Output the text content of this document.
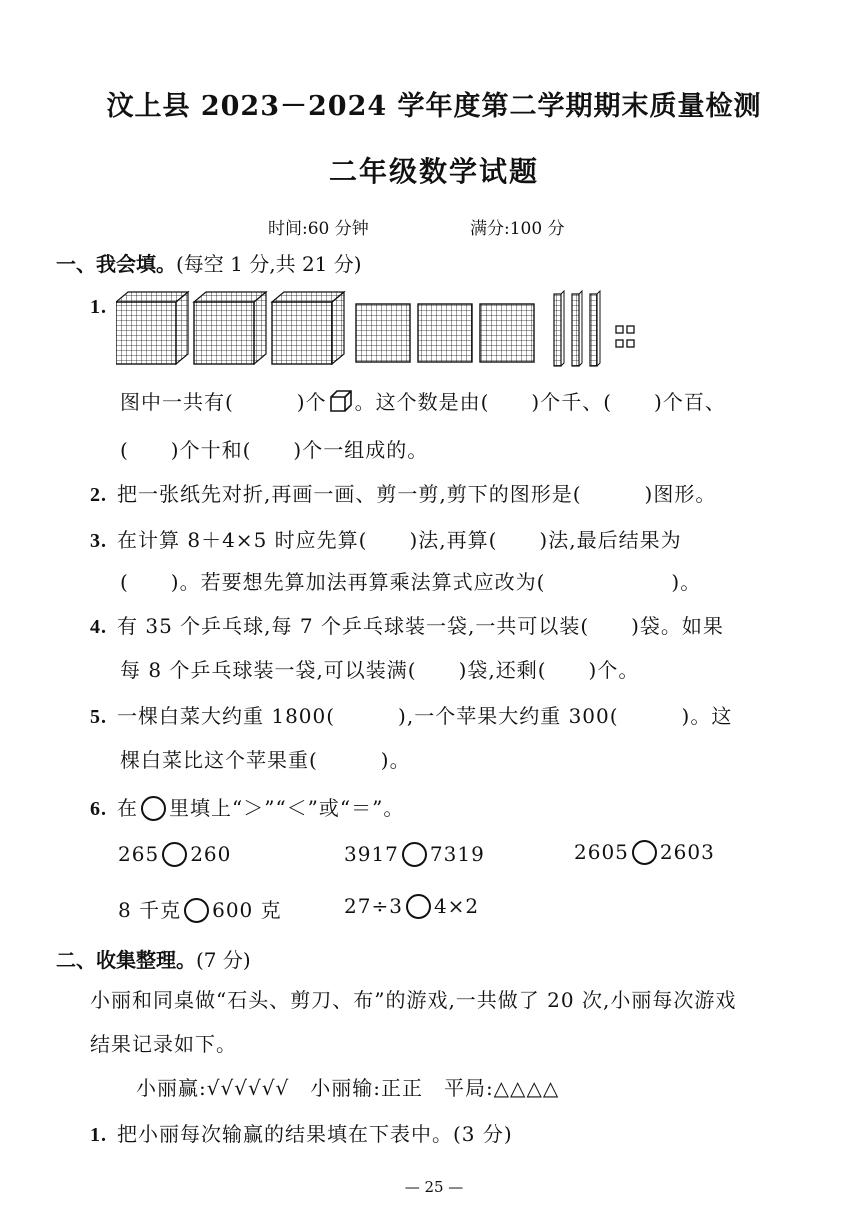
汶上县 2023－2024 学年度第二学期期末质量检测
二年级数学试题
时间:60 分钟	满分:100 分
一、我会填。(每空 1 分,共 21 分)
1.
图中一共有(　　　)个 。这个数是由(　　)个千、(　　)个百、
(　　)个十和(　　)个一组成的。
2. 把一张纸先对折,再画一画、剪一剪,剪下的图形是(　　　)图形。
3. 在计算 8＋4×5 时应先算(　　)法,再算(　　)法,最后结果为
(　　)。若要想先算加法再算乘法算式应改为(　　　　　　)。
4. 有 35 个乒乓球,每 7 个乒乓球装一袋,一共可以装(　　)袋。如果
每 8 个乒乓球装一袋,可以装满(　　)袋,还剩(　　)个。
5. 一棵白菜大约重 1800(　　　),一个苹果大约重 300(　　　)。这
棵白菜比这个苹果重(　　　)。
6. 在 里填上“＞”“＜”或“＝”。
265 260	3917 7319	2605 2603
8 千克 600 克	27÷3 4×2
二、收集整理。(7 分)
小丽和同桌做“石头、剪刀、布”的游戏,一共做了 20 次,小丽每次游戏
结果记录如下。
小丽赢:√√√√√√　小丽输:正正　平局:△△△△
1. 把小丽每次输赢的结果填在下表中。(3 分)
— 25 —
